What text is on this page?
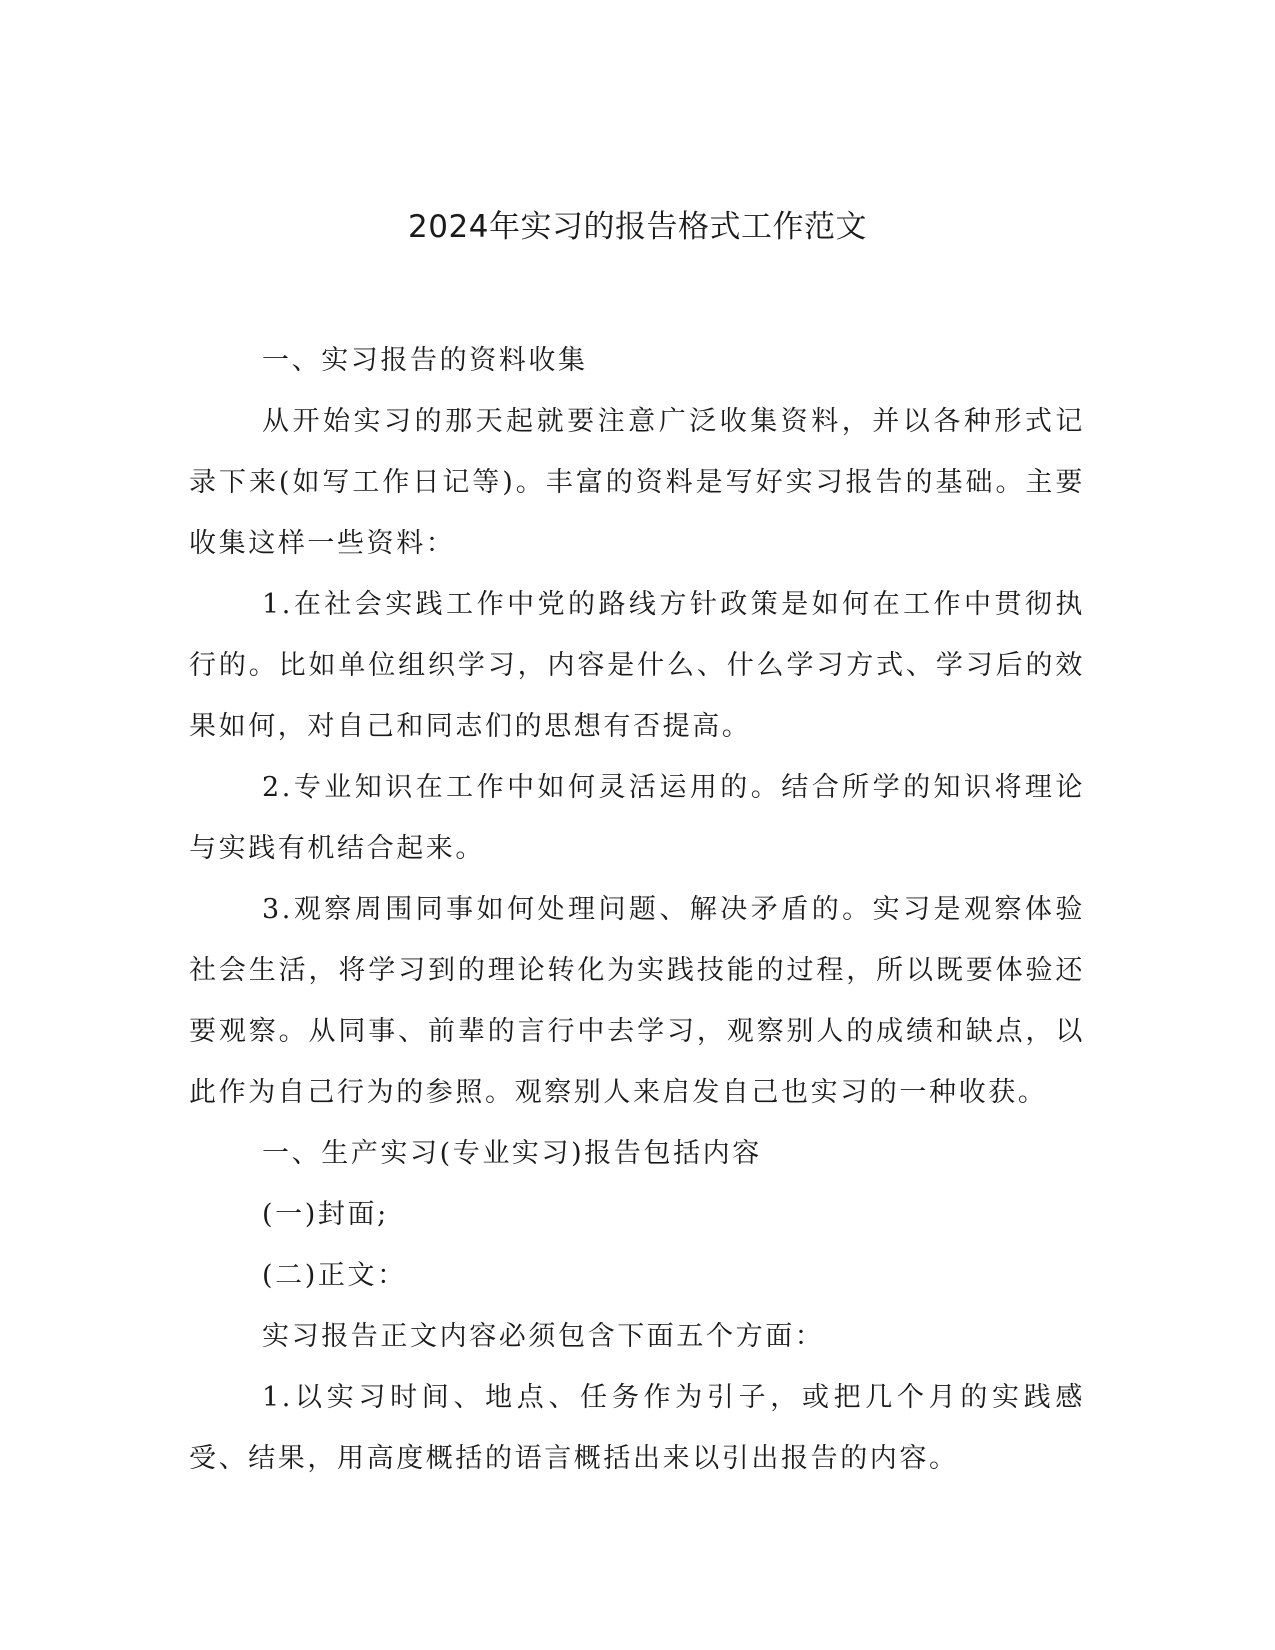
2024年实习的报告格式工作范文

一、实习报告的资料收集

从开始实习的那天起就要注意广泛收集资料，并以各种形式记录下来(如写工作日记等)。丰富的资料是写好实习报告的基础。主要收集这样一些资料：

1.在社会实践工作中党的路线方针政策是如何在工作中贯彻执行的。比如单位组织学习，内容是什么、什么学习方式、学习后的效果如何，对自己和同志们的思想有否提高。

2.专业知识在工作中如何灵活运用的。结合所学的知识将理论与实践有机结合起来。

3.观察周围同事如何处理问题、解决矛盾的。实习是观察体验社会生活，将学习到的理论转化为实践技能的过程，所以既要体验还要观察。从同事、前辈的言行中去学习，观察别人的成绩和缺点，以此作为自己行为的参照。观察别人来启发自己也实习的一种收获。

一、生产实习(专业实习)报告包括内容

(一)封面;

(二)正文：

实习报告正文内容必须包含下面五个方面：

1.以实习时间、地点、任务作为引子，或把几个月的实践感受、结果，用高度概括的语言概括出来以引出报告的内容。
